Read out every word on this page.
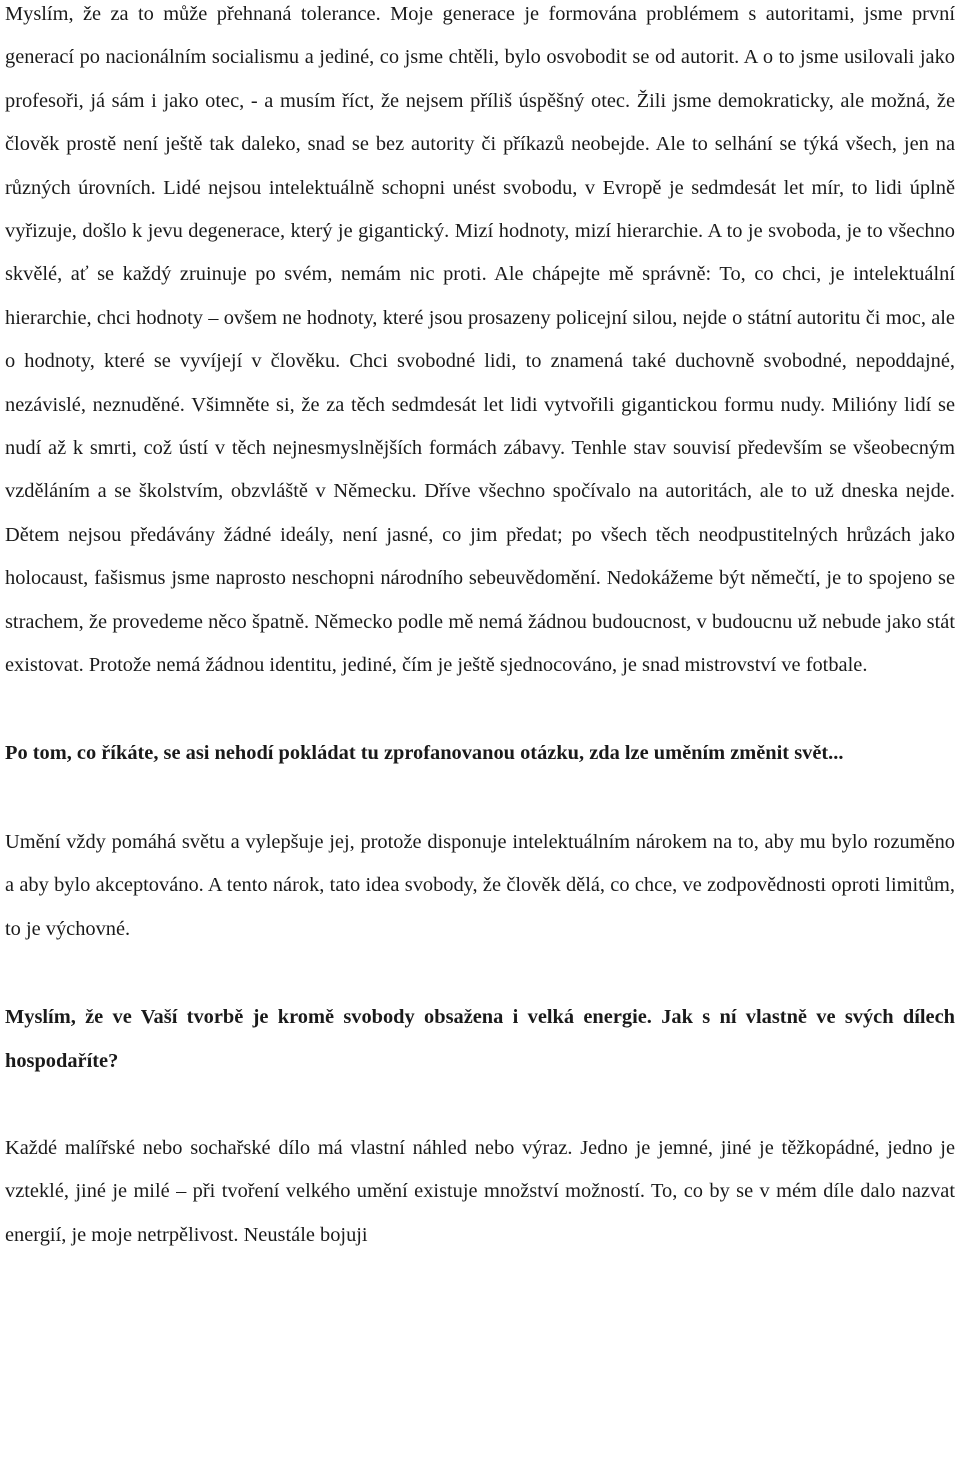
Myslím, že za to může přehnaná tolerance. Moje generace je formována problémem s autoritami, jsme první generací po nacionálním socialismu a jediné, co jsme chtěli, bylo osvobodit se od autorit. A o to jsme usilovali jako profesoři, já sám i jako otec, - a musím říct, že nejsem příliš úspěšný otec. Žili jsme demokraticky, ale možná, že člověk prostě není ještě tak daleko, snad se bez autority či příkazů neobejde. Ale to selhání se týká všech, jen na různých úrovních. Lidé nejsou intelektuálně schopni unést svobodu, v Evropě je sedmdesát let mír, to lidi úplně vyřizuje, došlo k jevu degenerace, který je gigantický. Mizí hodnoty, mizí hierarchie. A to je svoboda, je to všechno skvělé, ať se každý zruinuje po svém, nemám nic proti. Ale chápejte mě správně: To, co chci, je intelektuální hierarchie, chci hodnoty – ovšem ne hodnoty, které jsou prosazeny policejní silou, nejde o státní autoritu či moc, ale o hodnoty, které se vyvíjejí v člověku. Chci svobodné lidi, to znamená také duchovně svobodné, nepoddajné, nezávislé, neznuděné. Všimněte si, že za těch sedmdesát let lidi vytvořili gigantickou formu nudy. Milióny lidí se nudí až k smrti, což ústí v těch nejnesmyslnějších formách zábavy. Tenhle stav souvisí především se všeobecným vzděláním a se školstvím, obzvláště v Německu. Dříve všechno spočívalo na autoritách, ale to už dneska nejde. Dětem nejsou předávány žádné ideály, není jasné, co jim předat; po všech těch neodpustitelných hrůzách jako holocaust, fašismus jsme naprosto neschopni národního sebeuvědomění. Nedokážeme být němečtí, je to spojeno se strachem, že provedeme něco špatně. Německo podle mě nemá žádnou budoucnost, v budoucnu už nebude jako stát existovat. Protože nemá žádnou identitu, jediné, čím je ještě sjednocováno, je snad mistrovství ve fotbale.

Po tom, co říkáte, se asi nehodí pokládat tu zprofanovanou otázku, zda lze uměním změnit svět...

Umění vždy pomáhá světu a vylepšuje jej, protože disponuje intelektuálním nárokem na to, aby mu bylo rozuměno a aby bylo akceptováno. A tento nárok, tato idea svobody, že člověk dělá, co chce, ve zodpovědnosti oproti limitům, to je výchovné.

Myslím, že ve Vaší tvorbě je kromě svobody obsažena i velká energie. Jak s ní vlastně ve svých dílech hospodaříte?

Každé malířské nebo sochařské dílo má vlastní náhled nebo výraz. Jedno je jemné, jiné je těžkopádné, jedno je vzteklé, jiné je milé – při tvoření velkého umění existuje množství možností. To, co by se v mém díle dalo nazvat energií, je moje netrpělivost. Neustále bojuji
